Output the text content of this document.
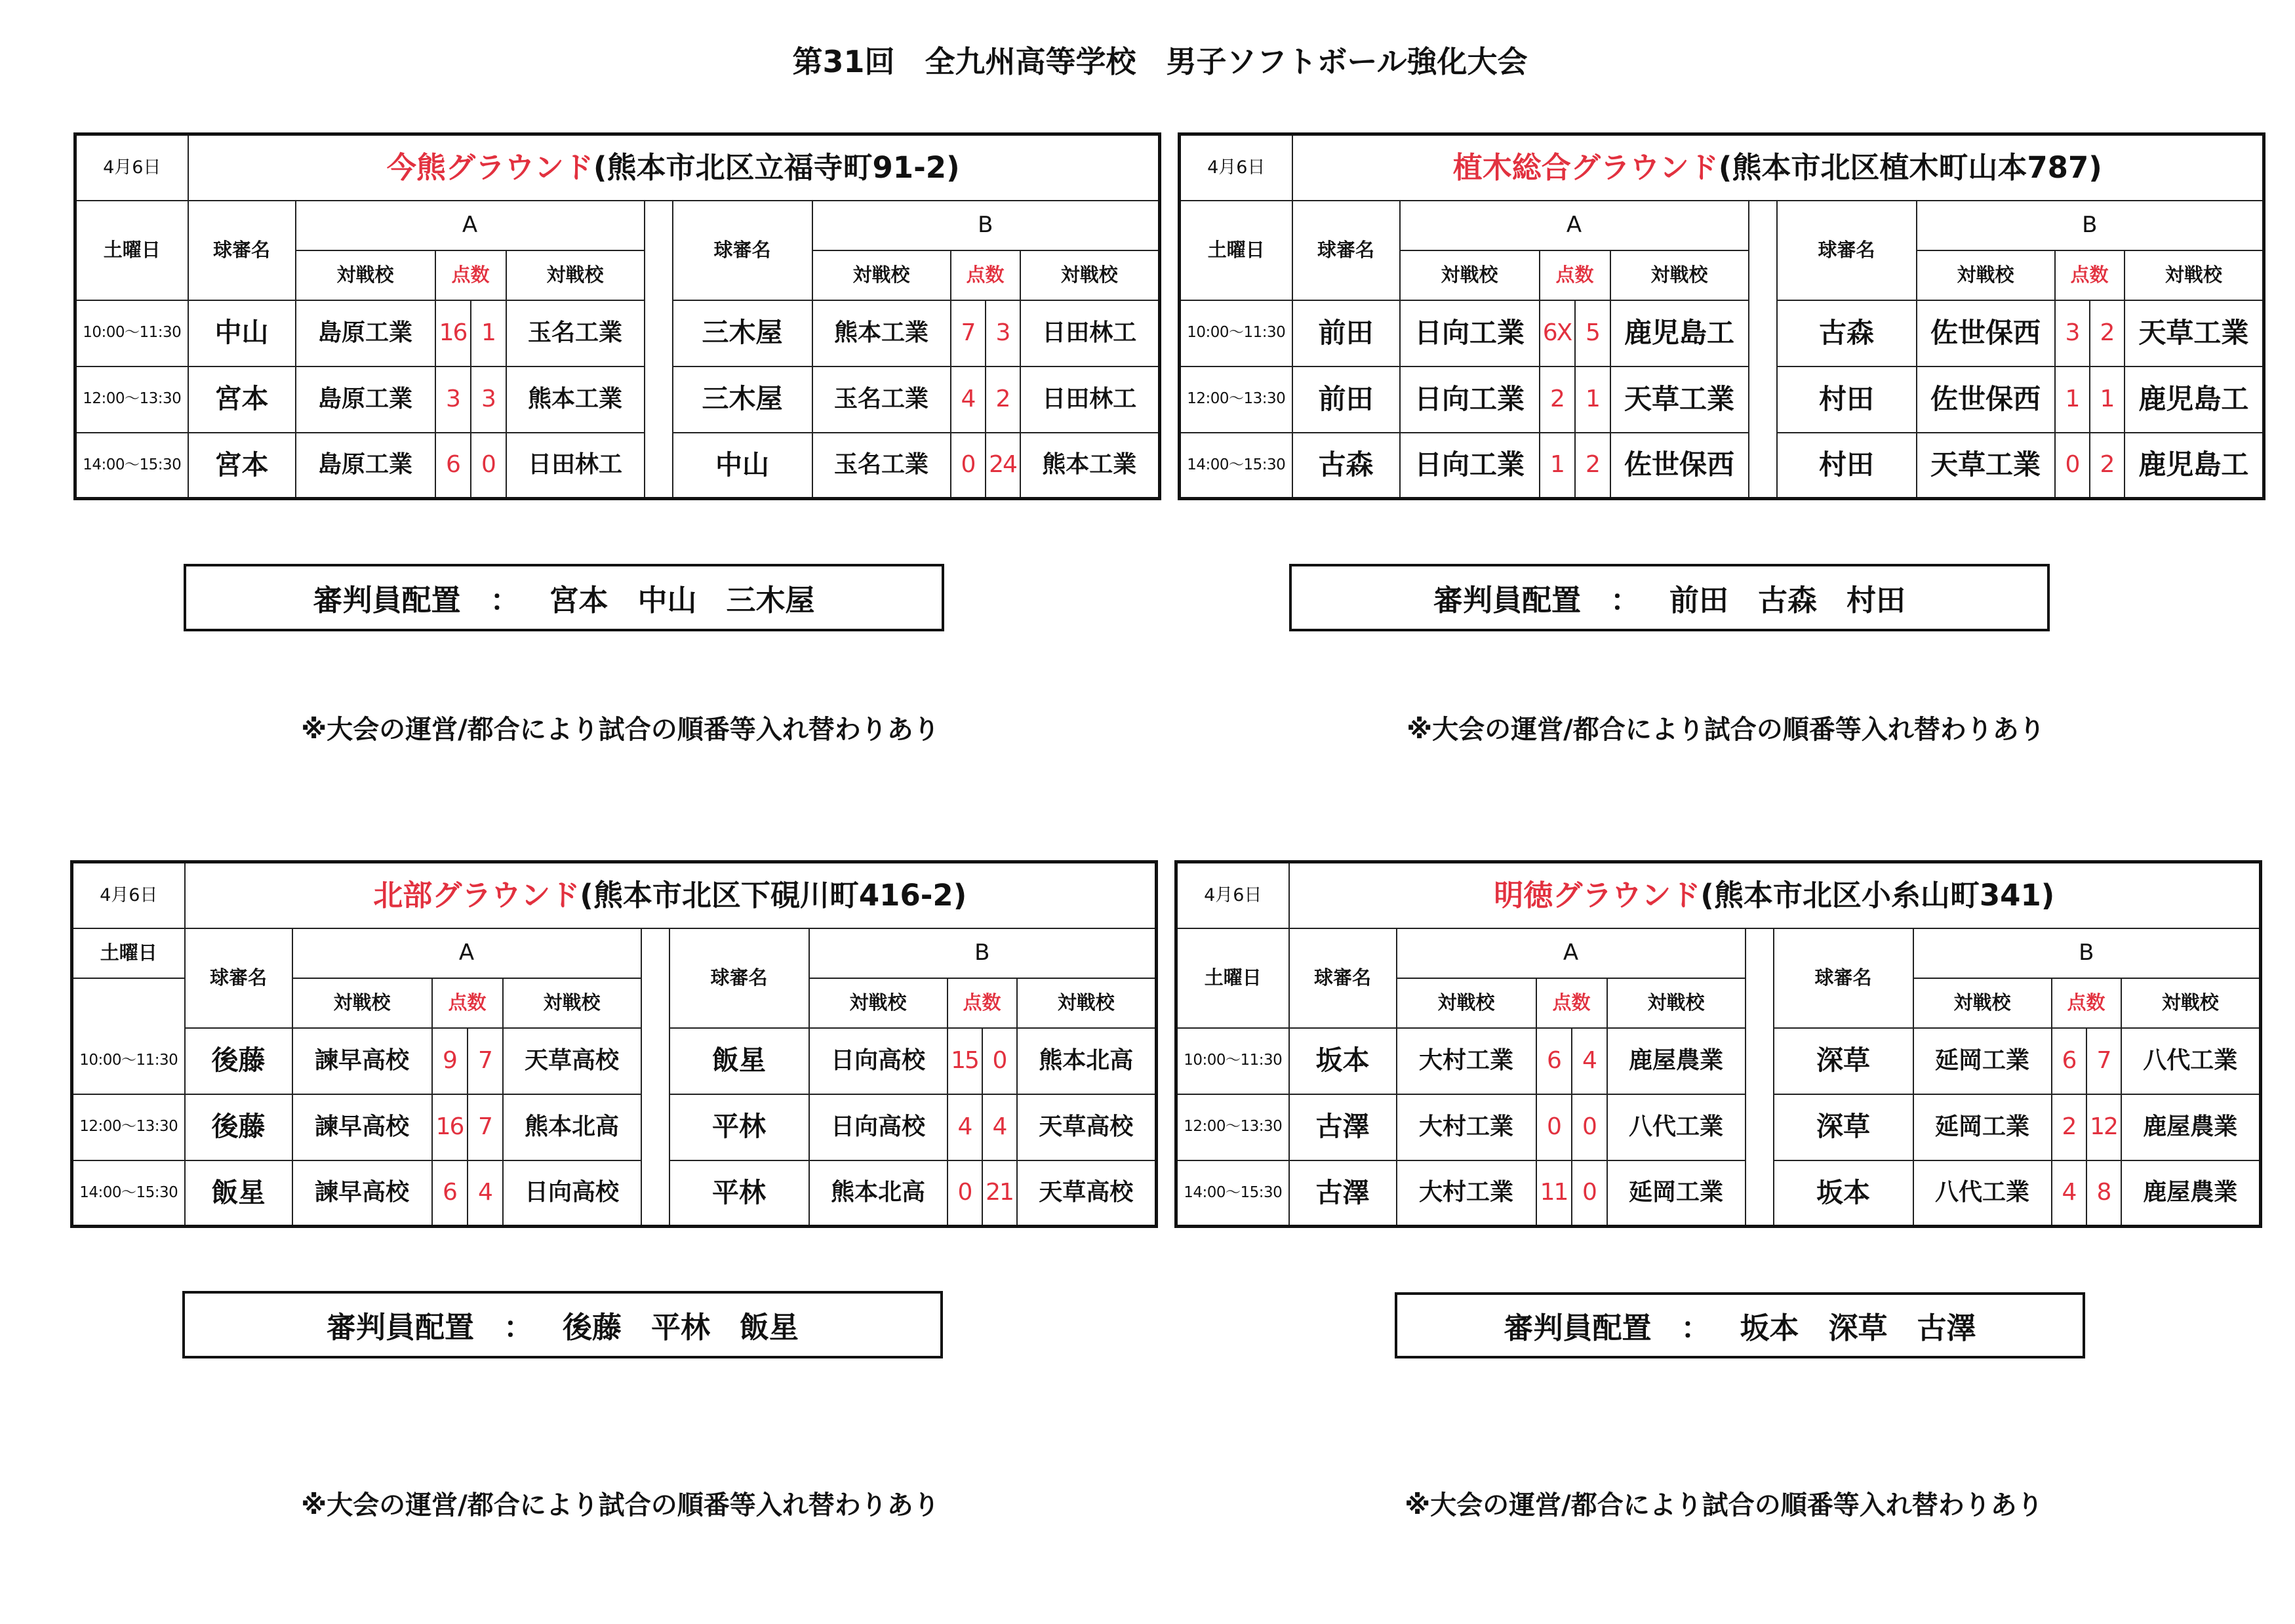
第31回　全九州高等学校　男子ソフトボール強化大会
4月6日	今熊グラウンド(熊本市北区立福寺町91-2)										
土曜日	球審名	A					球審名	B			
		対戦校	点数		対戦校			対戦校	点数		対戦校
10:00～11:30	中山	島原工業	16	1	玉名工業		三木屋	熊本工業	7	3	日田林工
12:00～13:30	宮本	島原工業	3	3	熊本工業		三木屋	玉名工業	4	2	日田林工
14:00～15:30	宮本	島原工業	6	0	日田林工		中山	玉名工業	0	24	熊本工業
4月6日	植木総合グラウンド(熊本市北区植木町山本787)										
土曜日	球審名	A					球審名	B			
		対戦校	点数		対戦校			対戦校	点数		対戦校
10:00～11:30	前田	日向工業	6X	5	鹿児島工		古森	佐世保西	3	2	天草工業
12:00～13:30	前田	日向工業	2	1	天草工業		村田	佐世保西	1	1	鹿児島工
14:00～15:30	古森	日向工業	1	2	佐世保西		村田	天草工業	0	2	鹿児島工
4月6日	北部グラウンド(熊本市北区下硯川町416-2)										
土曜日	球審名	A					球審名	B			
		対戦校	点数		対戦校			対戦校	点数		対戦校
10:00～11:30	後藤	諫早高校	9	7	天草高校		飯星	日向高校	15	0	熊本北高
12:00～13:30	後藤	諫早高校	16	7	熊本北高		平林	日向高校	4	4	天草高校
14:00～15:30	飯星	諫早高校	6	4	日向高校		平林	熊本北高	0	21	天草高校
4月6日	明徳グラウンド(熊本市北区小糸山町341)										
土曜日	球審名	A					球審名	B			
		対戦校	点数		対戦校			対戦校	点数		対戦校
10:00～11:30	坂本	大村工業	6	4	鹿屋農業		深草	延岡工業	6	7	八代工業
12:00～13:30	古澤	大村工業	0	0	八代工業		深草	延岡工業	2	12	鹿屋農業
14:00～15:30	古澤	大村工業	11	0	延岡工業		坂本	八代工業	4	8	鹿屋農業
審判員配置 ： 宮本 中山 三木屋	審判員配置 ： 前田 古森 村田
審判員配置 ： 後藤 平林 飯星	審判員配置 ： 坂本 深草 古澤
※大会の運営/都合により試合の順番等入れ替わりあり	※大会の運営/都合により試合の順番等入れ替わりあり
※大会の運営/都合により試合の順番等入れ替わりあり	※大会の運営/都合により試合の順番等入れ替わりあり
